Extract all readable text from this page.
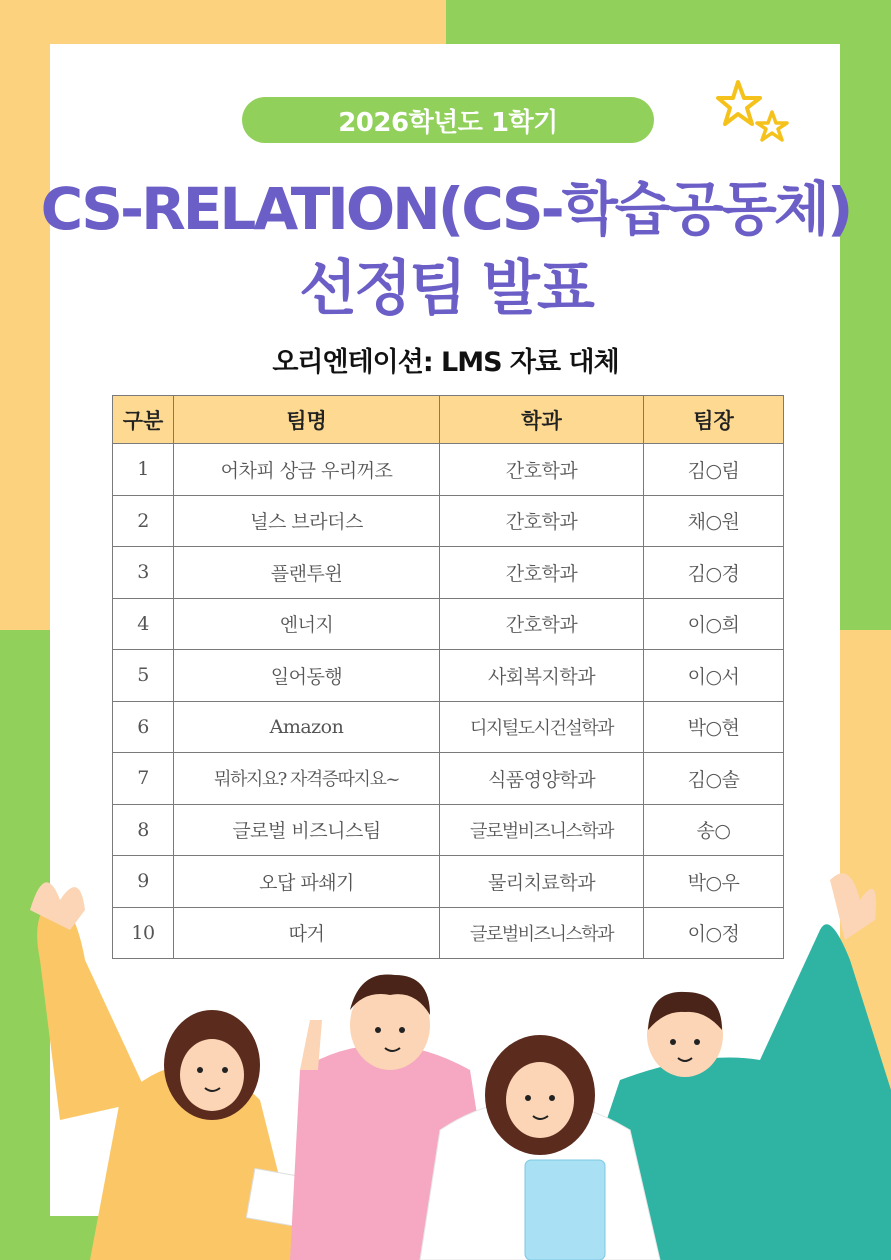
2026학년도 1학기
CS-RELATION(CS-학습공동체)
선정팀 발표
오리엔테이션: LMS 자료 대체
구분	팀명	학과	팀장
1	어차피 상금 우리꺼조	간호학과	김○림
2	널스 브라더스	간호학과	채○원
3	플랜투윈	간호학과	김○경
4	엔너지	간호학과	이○희
5	일어동행	사회복지학과	이○서
6	Amazon	디지털도시건설학과	박○현
7	뭐하지요? 자격증따지요~	식품영양학과	김○솔
8	글로벌 비즈니스팀	글로벌비즈니스학과	송○
9	오답 파쇄기	물리치료학과	박○우
10	따거	글로벌비즈니스학과	이○정
